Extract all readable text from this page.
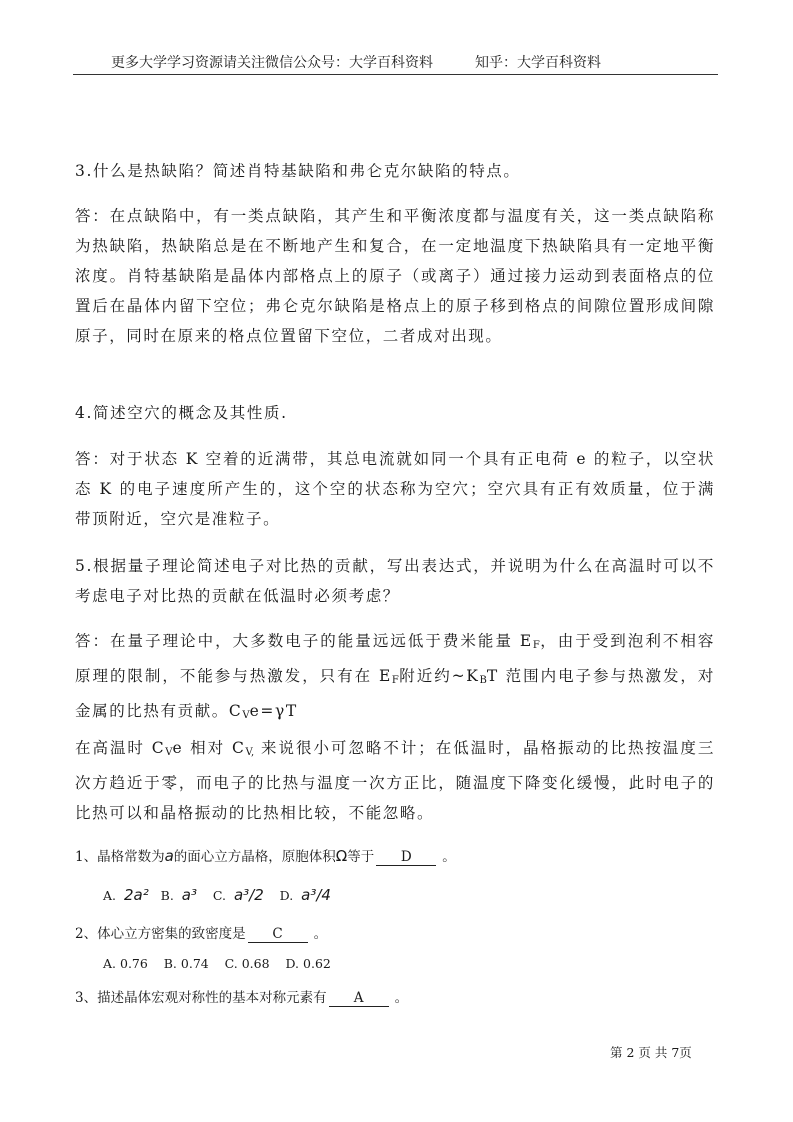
更多大学学习资源请关注微信公众号：大学百科资料	知乎：大学百科资料
3.什么是热缺陷？简述肖特基缺陷和弗仑克尔缺陷的特点。
答：在点缺陷中，有一类点缺陷，其产生和平衡浓度都与温度有关，这一类点缺陷称为热缺陷，热缺陷总是在不断地产生和复合，在一定地温度下热缺陷具有一定地平衡浓度。肖特基缺陷是晶体内部格点上的原子（或离子）通过接力运动到表面格点的位置后在晶体内留下空位；弗仑克尔缺陷是格点上的原子移到格点的间隙位置形成间隙原子，同时在原来的格点位置留下空位，二者成对出现。
4.简述空穴的概念及其性质.
答：对于状态 K 空着的近满带，其总电流就如同一个具有正电荷 e 的粒子，以空状态 K 的电子速度所产生的，这个空的状态称为空穴；空穴具有正有效质量，位于满带顶附近，空穴是准粒子。
5.根据量子理论简述电子对比热的贡献，写出表达式，并说明为什么在高温时可以不考虑电子对比热的贡献在低温时必须考虑？
答：在量子理论中，大多数电子的能量远远低于费米能量 $E_F$，由于受到泡利不相容原理的限制，不能参与热激发，只有在 $E_F$附近约$\sim K_BT$ 范围内电子参与热激发，对金属的比热有贡献。$C_Ve=\gamma T$
在高温时 $C_Ve$ 相对 $C_{V,}$ 来说很小可忽略不计；在低温时，晶格振动的比热按温度三次方趋近于零，而电子的比热与温度一次方正比，随温度下降变化缓慢，此时电子的比热可以和晶格振动的比热相比较，不能忽略。
1、晶格常数为a的面心立方晶格，原胞体积Ω等于 D 。
A. 2a² B. a³ C. a³/2 D. a³/4
2、体心立方密集的致密度是 C 。
A. 0.76 B. 0.74 C. 0.68 D. 0.62
3、描述晶体宏观对称性的基本对称元素有 A 。
第 2 页 共 7页
